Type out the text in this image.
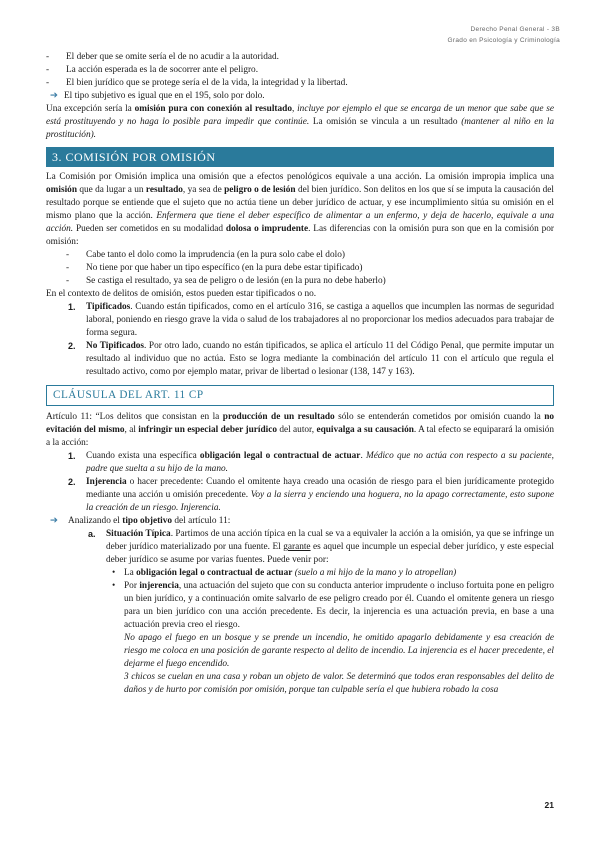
Derecho Penal General - 3B
Grado en Psicología y Criminología

- El deber que se omite sería el de no acudir a la autoridad.

- La acción esperada es la de socorrer ante el peligro.

- El bien jurídico que se protege sería el de la vida, la integridad y la libertad.

➔ El tipo subjetivo es igual que en el 195, solo por dolo.

Una excepción sería la omisión pura con conexión al resultado, incluye por ejemplo el que se encarga de un menor que sabe que se está prostituyendo y no haga lo posible para impedir que continúe. La omisión se vincula a un resultado (mantener al niño en la prostitución).

3. COMISIÓN POR OMISIÓN

La Comisión por Omisión implica una omisión que a efectos penológicos equivale a una acción. La omisión impropia implica una omisión que da lugar a un resultado, ya sea de peligro o de lesión del bien jurídico. Son delitos en los que sí se imputa la causación del resultado porque se entiende que el sujeto que no actúa tiene un deber jurídico de actuar, y ese incumplimiento sitúa su omisión en el mismo plano que la acción. Enfermera que tiene el deber específico de alimentar a un enfermo, y deja de hacerlo, equivale a una acción. Pueden ser cometidos en su modalidad dolosa o imprudente. Las diferencias con la omisión pura son que en la comisión por omisión:

- Cabe tanto el dolo como la imprudencia (en la pura solo cabe el dolo)

- No tiene por que haber un tipo específico (en la pura debe estar tipificado)

- Se castiga el resultado, ya sea de peligro o de lesión (en la pura no debe haberlo)

En el contexto de delitos de omisión, estos pueden estar tipificados o no.

1. Tipificados. Cuando están tipificados, como en el artículo 316, se castiga a aquellos que incumplen las normas de seguridad laboral, poniendo en riesgo grave la vida o salud de los trabajadores al no proporcionar los medios adecuados para trabajar de forma segura.

2. No Tipificados. Por otro lado, cuando no están tipificados, se aplica el artículo 11 del Código Penal, que permite imputar un resultado al individuo que no actúa. Esto se logra mediante la combinación del artículo 11 con el artículo que regula el resultado activo, como por ejemplo matar, privar de libertad o lesionar (138, 147 y 163).

CLÁUSULA DEL ART. 11 CP

Artículo 11: “Los delitos que consistan en la producción de un resultado sólo se entenderán cometidos por omisión cuando la no evitación del mismo, al infringir un especial deber jurídico del autor, equivalga a su causación. A tal efecto se equiparará la omisión a la acción:

1. Cuando exista una específica obligación legal o contractual de actuar. Médico que no actúa con respecto a su paciente, padre que suelta a su hijo de la mano.

2. Injerencia o hacer precedente: Cuando el omitente haya creado una ocasión de riesgo para el bien jurídicamente protegido mediante una acción u omisión precedente. Voy a la sierra y enciendo una hoguera, no la apago correctamente, esto supone la creación de un riesgo. Injerencia.

➔ Analizando el tipo objetivo del artículo 11:

a. Situación Típica. Partimos de una acción típica en la cual se va a equivaler la acción a la omisión, ya que se infringe un deber jurídico materializado por una fuente. El garante es aquel que incumple un especial deber jurídico, y este especial deber jurídico se asume por varias fuentes. Puede venir por:

• La obligación legal o contractual de actuar (suelo a mi hijo de la mano y lo atropellan)

• Por injerencia, una actuación del sujeto que con su conducta anterior imprudente o incluso fortuita pone en peligro un bien jurídico, y a continuación omite salvarlo de ese peligro creado por él. Cuando el omitente genera un riesgo para un bien jurídico con una acción precedente. Es decir, la injerencia es una actuación previa, en base a una actuación previa creo el riesgo.

No apago el fuego en un bosque y se prende un incendio, he omitido apagarlo debidamente y esa creación de riesgo me coloca en una posición de garante respecto al delito de incendio. La injerencia es el hacer precedente, el dejarme el fuego encendido.

3 chicos se cuelan en una casa y roban un objeto de valor. Se determinó que todos eran responsables del delito de daños y de hurto por comisión por omisión, porque tan culpable sería el que hubiera robado la cosa

21
